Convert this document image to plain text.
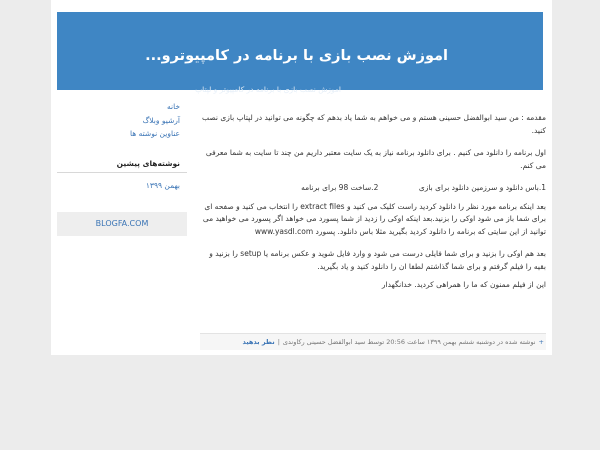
اموزش نصب بازی با برنامه در کامپیوترو...
اموزش نصب بازی با برنامه در کامپیوتر و لپتاپ
خانه
آرشیو وبلاگ
عناوین نوشته ها
نوشته‌های پیشین
بهمن ۱۳۹۹
BLOGFA.COM

مقدمه : من سید ابوالفضل حسینی هستم و می خواهم به شما یاد بدهم که چگونه می توانید در لپتاپ بازی نصب کنید.

اول برنامه را دانلود می کنیم . برای دانلود برنامه نیاز به یک سایت معتبر داریم من چند تا سایت به شما معرفی می کنم.

1.باس دانلود و سرزمین دانلود برای بازی                 2.ساخت 98 برای برنامه

بعد اینکه برنامه مورد نظر را دانلود کردید راست کلیک می کنید و extract files را انتخاب می کنید و صفحه ای برای شما باز می شود اوکی را بزنید.بعد اینکه اوکی را زدید از شما پسورد می خواهد اگر پسورد می خواهید می توانید از این سایتی که برنامه را دانلود کردید بگیرید مثلا باس دانلود. پسورد www.yasdl.com

بعد هم اوکی را بزنید و برای شما فایلی درست می شود و وارد فایل شوید و عکس برنامه یا setup را بزنید و بقیه را فیلم گرفتم و برای شما گذاشتم لطفا ان را دانلود کنید و یاد بگیرید.

این از فیلم ممنون که ما را همراهی کردید. خدانگهدار

+نوشته شده در دوشنبه ششم بهمن ۱۳۹۹ ساعت 20:56 توسط سید ابوالفضل حسینی رکاوندی|نظر بدهید
